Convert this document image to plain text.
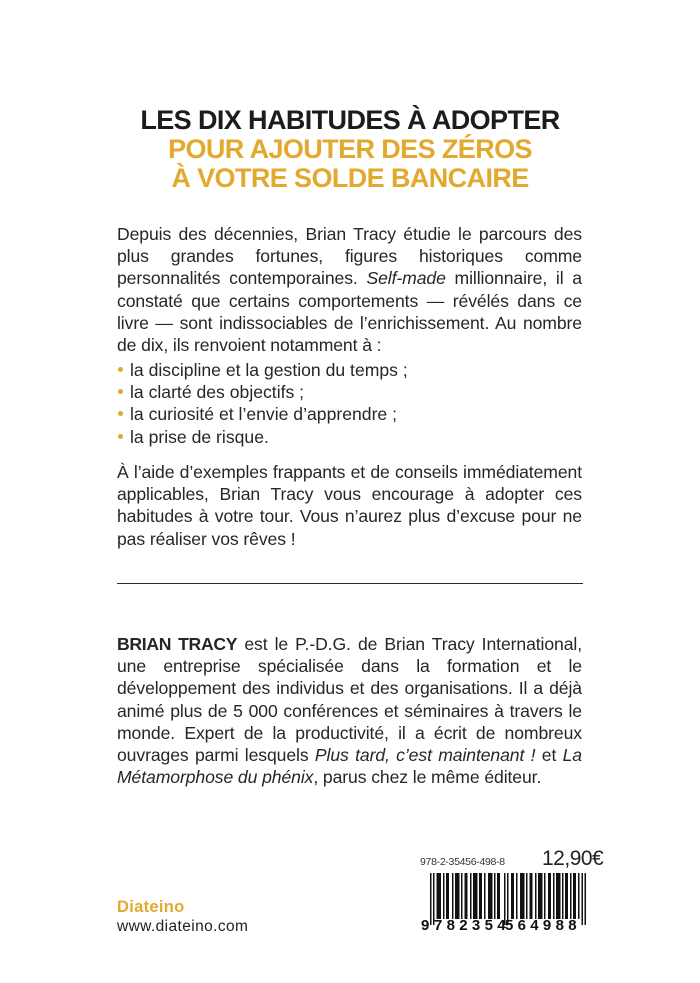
LES DIX HABITUDES À ADOPTER
POUR AJOUTER DES ZÉROS
À VOTRE SOLDE BANCAIRE

Depuis des décennies, Brian Tracy étudie le parcours des plus grandes fortunes, figures historiques comme personnalités contemporaines. Self-made millionnaire, il a constaté que certains comportements — révélés dans ce livre — sont indissociables de l’enrichissement. Au nombre de dix, ils renvoient notamment à :

la discipline et la gestion du temps ;
la clarté des objectifs ;
la curiosité et l’envie d’apprendre ;
la prise de risque.

À l’aide d’exemples frappants et de conseils immédiatement applicables, Brian Tracy vous encourage à adopter ces habitudes à votre tour. Vous n’aurez plus d’excuse pour ne pas réaliser vos rêves !

BRIAN TRACY est le P.-D.G. de Brian Tracy International, une entreprise spécialisée dans la formation et le développement des individus et des organisations. Il a déjà animé plus de 5 000 conférences et séminaires à travers le monde. Expert de la productivité, il a écrit de nombreux ouvrages parmi lesquels Plus tard, c’est maintenant ! et La Métamorphose du phénix, parus chez le même éditeur.

978-2-35456-498-8 12,90€
9 782354
564988
Diateino
www.diateino.com
